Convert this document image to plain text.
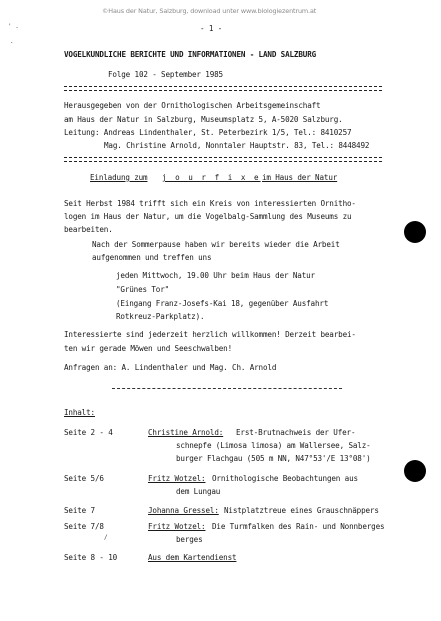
©Haus der Natur, Salzburg, download unter www.biologiezentrum.at
- 1 -
' .
.
VOGELKUNDLICHE BERICHTE UND INFORMATIONEN - LAND SALZBURG
Folge 102 - September 1985
Herausgegeben von der Ornithologischen Arbeitsgemeinschaft
am Haus der Natur in Salzburg, Museumsplatz 5, A-5020 Salzburg.
Leitung: Andreas Lindenthaler, St. Peterbezirk 1/5, Tel.: 8410257
Mag. Christine Arnold, Nonntaler Hauptstr. 83, Tel.: 8448492
Einladung zum j o u r f i x e im Haus der Natur
Seit Herbst 1984 trifft sich ein Kreis von interessierten Ornitho-
logen im Haus der Natur, um die Vogelbalg-Sammlung des Museums zu
bearbeiten.
Nach der Sommerpause haben wir bereits wieder die Arbeit
aufgenommen und treffen uns
jeden Mittwoch, 19.00 Uhr beim Haus der Natur
"Grünes Tor"
(Eingang Franz-Josefs-Kai 18, gegenüber Ausfahrt
Rotkreuz-Parkplatz).
Interessierte sind jederzeit herzlich willkommen! Derzeit bearbei-
ten wir gerade Möwen und Seeschwalben!
Anfragen an: A. Lindenthaler und Mag. Ch. Arnold
Inhalt:
Seite 2 - 4	Christine Arnold: Erst-Brutnachweis der Ufer-
schnepfe (Limosa limosa) am Wallersee, Salz-
burger Flachgau (505 m NN, N47°53'/E 13°08')
Seite 5/6	Fritz Wotzel: Ornithologische Beobachtungen aus
dem Lungau
Seite 7	Johanna Gressel: Nistplatztreue eines Grauschnäppers
Seite 7/8	Fritz Wotzel: Die Turmfalken des Rain- und Nonnberges
berges
/
Seite 8 - 10	Aus dem Kartendienst
